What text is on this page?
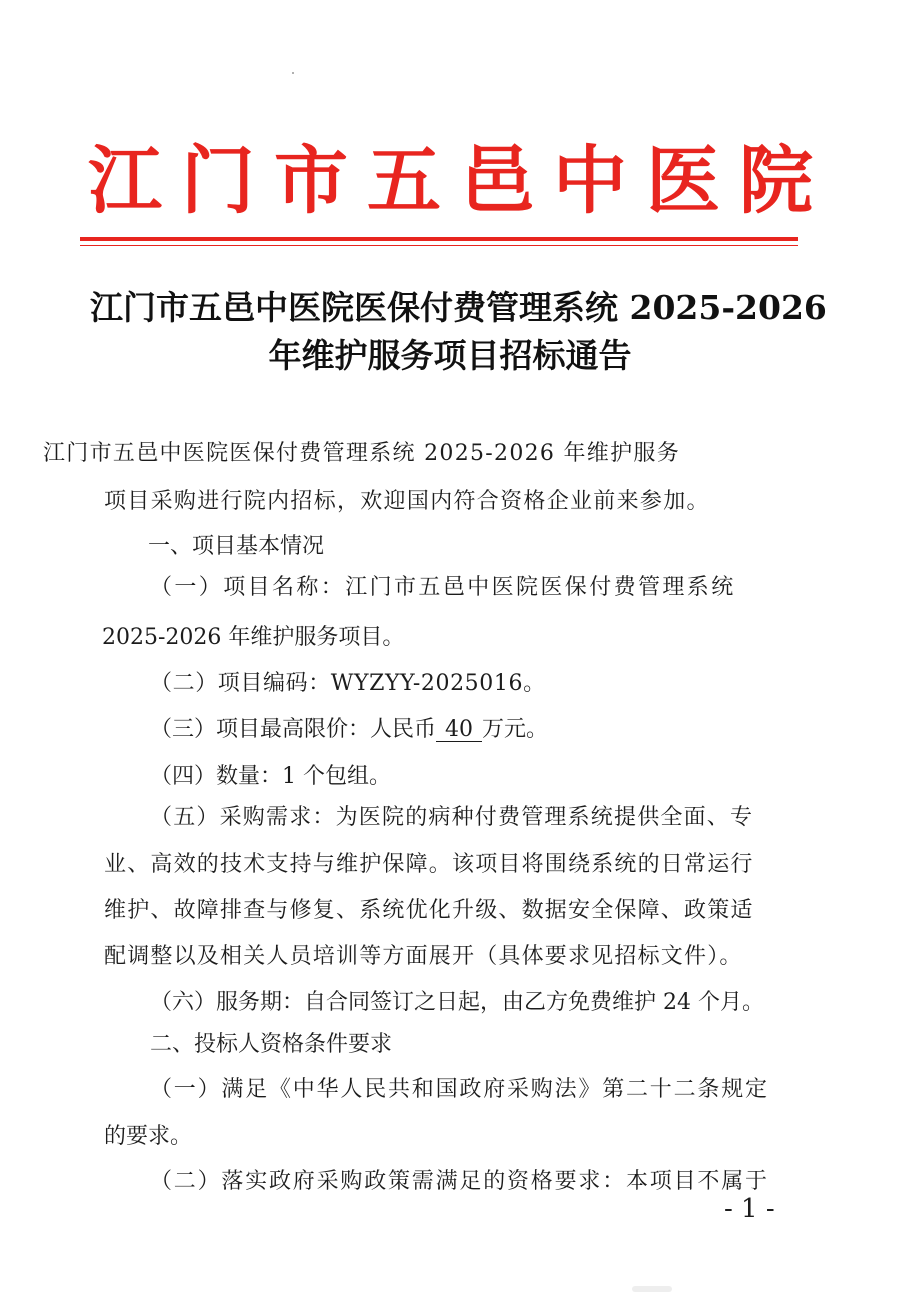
江门市五邑中医院
江门市五邑中医院医保付费管理系统 2025-2026
年维护服务项目招标通告
江门市五邑中医院医保付费管理系统 2025-2026 年维护服务
项目采购进行院内招标，欢迎国内符合资格企业前来参加。
一、项目基本情况
（一）项目名称：江门市五邑中医院医保付费管理系统
2025-2026 年维护服务项目。
（二）项目编码：WYZYY-2025016。
（三）项目最高限价：人民币 40 万元。
（四）数量：1 个包组。
（五）采购需求：为医院的病种付费管理系统提供全面、专
业、高效的技术支持与维护保障。该项目将围绕系统的日常运行
维护、故障排查与修复、系统优化升级、数据安全保障、政策适
配调整以及相关人员培训等方面展开（具体要求见招标文件）。
（六）服务期：自合同签订之日起，由乙方免费维护 24 个月。
二、投标人资格条件要求
（一）满足《中华人民共和国政府采购法》第二十二条规定
的要求。
（二）落实政府采购政策需满足的资格要求：本项目不属于
- 1 -
